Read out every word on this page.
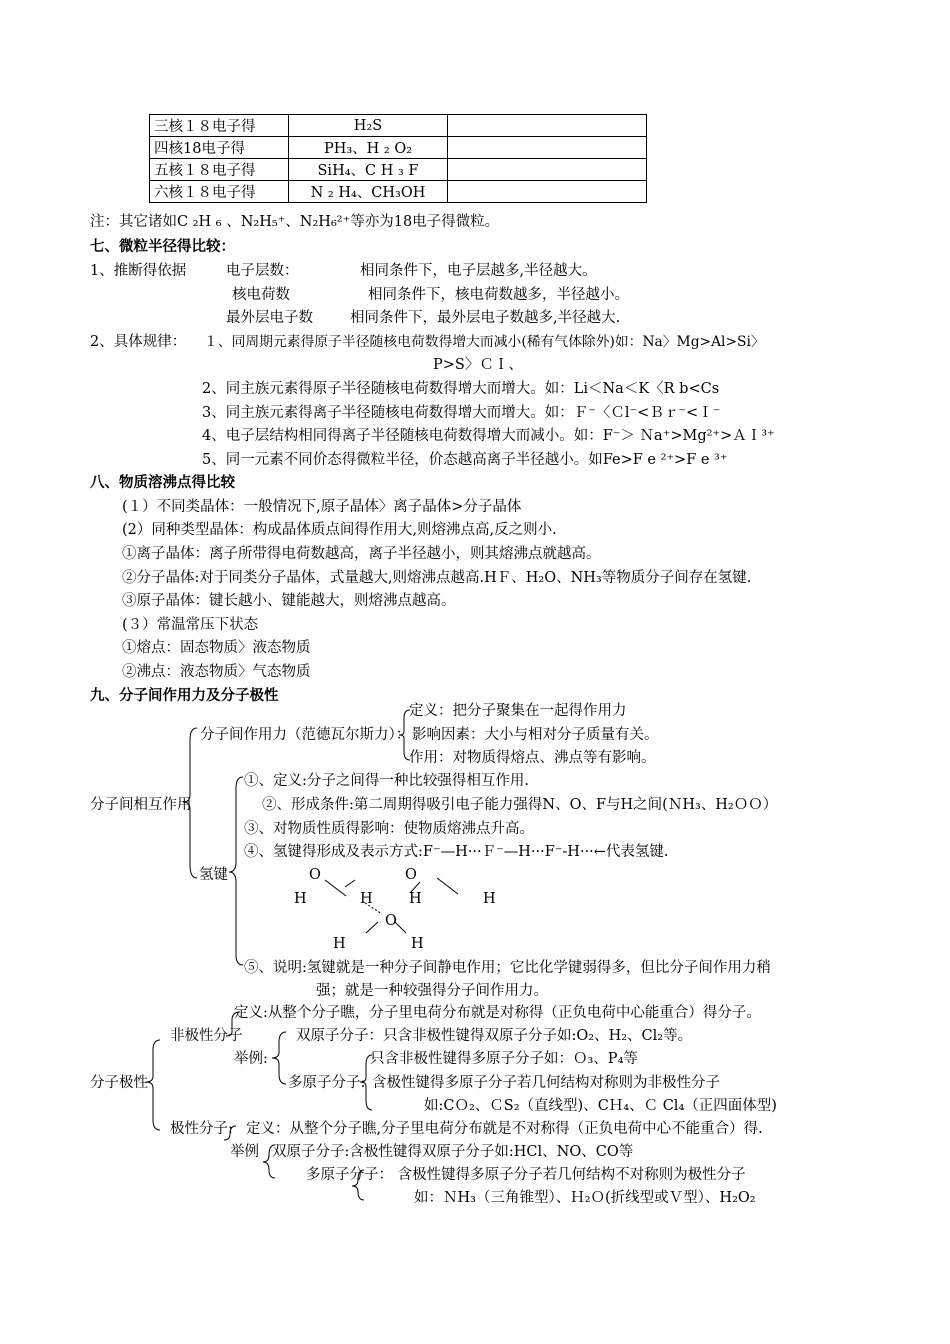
三核１８电子得	H₂S	
四核18电子得	PH₃、H ₂ O₂	
五核１８电子得	SiH₄、C H ₃ F	
六核１８电子得	N ₂ H₄、CH₃OH	
注：其它诸如C ₂H ₆ 、N₂H₅⁺、N₂H₆²⁺等亦为18电子得微粒。
七、微粒半径得比较：
1、推断得依据	电子层数：	相同条件下，电子层越多,半径越大。
核电荷数	相同条件下，核电荷数越多，半径越小。
最外层电子数	相同条件下，最外层电子数越多,半径越大.
2、具体规律： １、同周期元素得原子半径随核电荷数得增大而减小(稀有气体除外)如：Na〉Mg>Al>Si〉
P>S〉ＣＩ、
2、同主族元素得原子半径随核电荷数得增大而增大。如：Li＜Na＜K〈R b<Cs
3、同主族元素得离子半径随核电荷数得增大而增大。如：Ｆ⁻〈Ｃl⁻<Ｂｒ⁻<Ｉ⁻
4、电子层结构相同得离子半径随核电荷数得增大而减小。如：F⁻＞ Ｎa⁺>Mg²⁺>ＡＩ³⁺
5、同一元素不同价态得微粒半径，价态越高离子半径越小。如Fe>F e ²⁺>F e ³⁺
八、物质溶沸点得比较
(１）不同类晶体：一般情况下,原子晶体〉离子晶体>分子晶体
(2）同种类型晶体：构成晶体质点间得作用大,则熔沸点高,反之则小.
①离子晶体：离子所带得电荷数越高，离子半径越小，则其熔沸点就越高。
②分子晶体:对于同类分子晶体，式量越大,则熔沸点越高.HＦ、H₂O、NH₃等物质分子间存在氢键.
③原子晶体：键长越小、键能越大，则熔沸点越高。
(３）常温常压下状态
①熔点：固态物质〉液态物质
②沸点：液态物质〉气态物质
九、分子间作用力及分子极性
定义：把分子聚集在一起得作用力
分子间作用力（范德瓦尔斯力）： 影响因素：大小与相对分子质量有关。
作用：对物质得熔点、沸点等有影响。
①、定义:分子之间得一种比较强得相互作用.
分子间相互作用	②、形成条件:第二周期得吸引电子能力强得N、O、F与H之间(ＮH₃、H₂ＯＯ）
③、对物质性质得影响：使物质熔沸点升高。
④、氢键得形成及表示方式:F⁻—H···Ｆ⁻—H···F⁻-H···←代表氢键.
氢键	O
H	H
O
H	H
O
H	H
⑤、说明:氢键就是一种分子间静电作用；它比化学键弱得多，但比分子间作用力稍
强；就是一种较强得分子间作用力。
定义:从整个分子瞧，分子里电荷分布就是对称得（正负电荷中心能重合）得分子。
非极性分子	双原子分子：只含非极性键得双原子分子如:O₂、H₂、Cl₂等。
举例:	只含非极性键得多原子分子如：Ｏ₃、P₄等
分子极性	多原子分子: 含极性键得多原子分子若几何结构对称则为非极性分子
如:CＯ₂、ＣS₂（直线型)、CＨ₄、Ｃ Cl₄（正四面体型)
极性分子: 定义：从整个分子瞧,分子里电荷分布就是不对称得（正负电荷中心不能重合）得.
举例 双原子分子:含极性键得双原子分子如:HCl、NO、CO等
多原子分子： 含极性键得多原子分子若几何结构不对称则为极性分子
如：ＮH₃（三角锥型）、Ｈ₂Ｏ(折线型或Ｖ型）、H₂O₂
